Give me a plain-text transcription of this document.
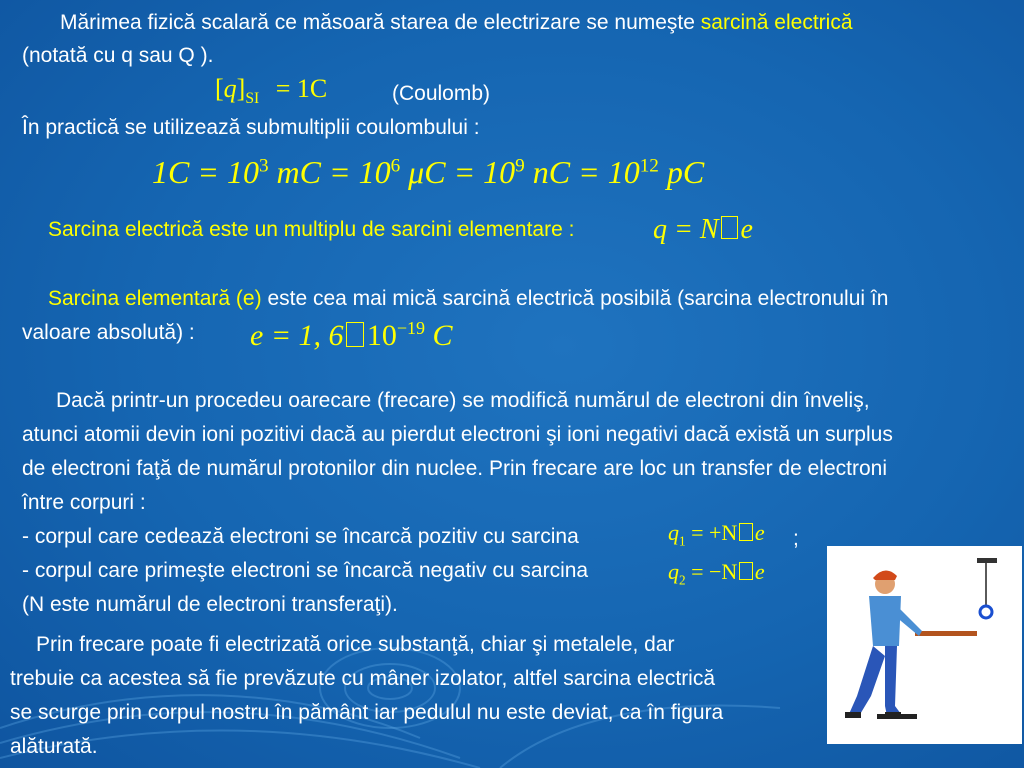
Mărimea fizică scalară ce măsoară starea de electrizare se numeşte sarcină electrică
(notată cu q sau Q ).
$[q]_{SI} = 1C$	(Coulomb)
În practică se utilizează submultiplii coulombului :
$1C = 10^3$ mC = $10^6$ $\mu C = 10^9$ nC = $10^{12}$ pC
Sarcina electrică este un multiplu de sarcini elementare :	q = N e
Sarcina elementară (e) este cea mai mică sarcină electrică posibilă (sarcina electronului în
valoare absolută) : e = 1, 6 $10^{-19}$ C
Dacă printr-un procedeu oarecare (frecare) se modifică numărul de electroni din înveliş,
atunci atomii devin ioni pozitivi dacă au pierdut electroni şi ioni negativi dacă există un surplus
de electroni faţă de numărul protonilor din nuclee. Prin frecare are loc un transfer de electroni
între corpuri :
- corpul care cedează electroni se încarcă pozitiv cu sarcina	$q_1 = +N$ e ;
- corpul care primeşte electroni se încarcă negativ cu sarcina	$q_2 = -N$ e
(N este numărul de electroni transferaţi).
Prin frecare poate fi electrizată orice substanţă, chiar şi metalele, dar
trebuie ca acestea să fie prevăzute cu mâner izolator, altfel sarcina electrică
se scurge prin corpul nostru în pământ iar pedulul nu este deviat, ca în figura
alăturată.
